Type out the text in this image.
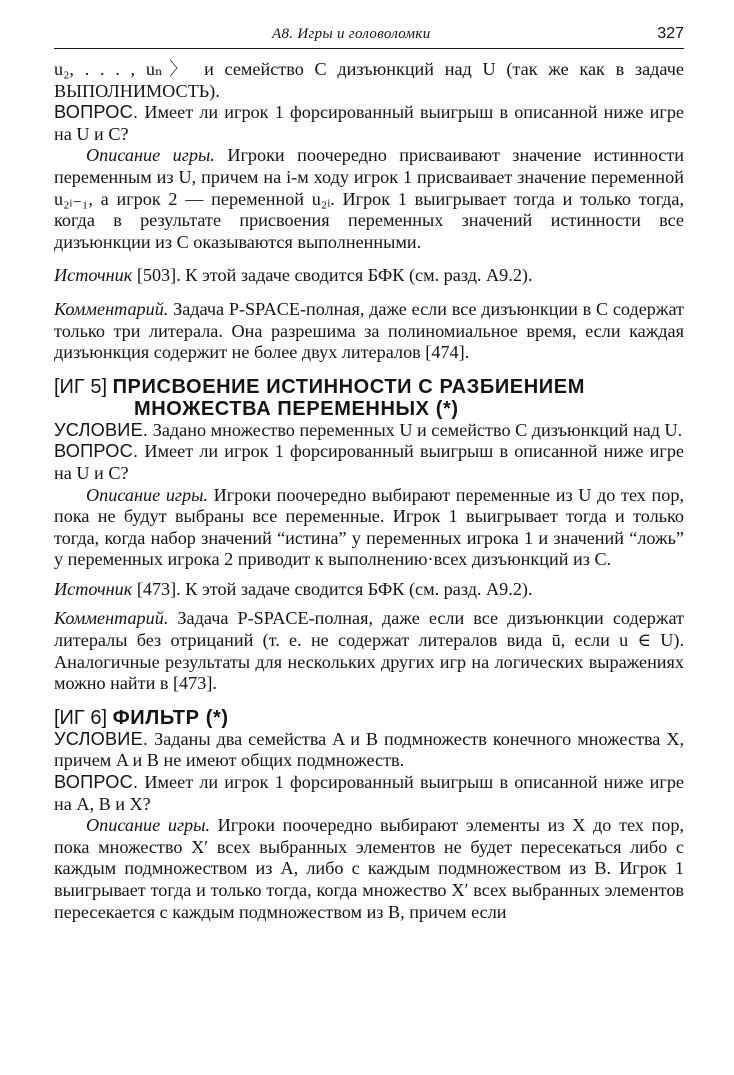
А8. Игры и головоломки	327

u₂, . . . , uₙ〉 и семейство C дизъюнкций над U (так же как в задаче ВЫПОЛНИМОСТЬ).

ВОПРОС. Имеет ли игрок 1 форсированный выигрыш в описанной ниже игре на U и C?

Описание игры. Игроки поочередно присваивают значение истинности переменным из U, причем на i-м ходу игрок 1 присваивает значение переменной u₂ᵢ₋₁, а игрок 2 — переменной u₂ᵢ. Игрок 1 выигрывает тогда и только тогда, когда в результате присвоения переменных значений истинности все дизъюнкции из C оказываются выполненными.

Источник [503]. К этой задаче сводится БФК (см. разд. А9.2).

Комментарий. Задача P-SPACE-полная, даже если все дизъюнкции в C содержат только три литерала. Она разрешима за полиномиальное время, если каждая дизъюнкция содержит не более двух литералов [474].

[ИГ 5] ПРИСВОЕНИЕ ИСТИННОСТИ С РАЗБИЕНИЕМ
МНОЖЕСТВА ПЕРЕМЕННЫХ (*)

УСЛОВИЕ. Задано множество переменных U и семейство C дизъюнкций над U.

ВОПРОС. Имеет ли игрок 1 форсированный выигрыш в описанной ниже игре на U и C?

Описание игры. Игроки поочередно выбирают переменные из U до тех пор, пока не будут выбраны все переменные. Игрок 1 выигрывает тогда и только тогда, когда набор значений “истина” у переменных игрока 1 и значений “ложь” у переменных игрока 2 приводит к выполнению·всех дизъюнкций из C.

Источник [473]. К этой задаче сводится БФК (см. разд. А9.2).

Комментарий. Задача P-SPACE-полная, даже если все дизъюнкции содержат литералы без отрицаний (т. е. не содержат литералов вида ū, если u ∈ U). Аналогичные результаты для нескольких других игр на логических выражениях можно найти в [473].

[ИГ 6] ФИЛЬТР (*)

УСЛОВИЕ. Заданы два семейства A и B подмножеств конечного множества X, причем A и B не имеют общих подмножеств.

ВОПРОС. Имеет ли игрок 1 форсированный выигрыш в описанной ниже игре на A, B и X?

Описание игры. Игроки поочередно выбирают элементы из X до тех пор, пока множество X′ всех выбранных элементов не будет пересекаться либо с каждым подмножеством из A, либо с каждым подмножеством из B. Игрок 1 выигрывает тогда и только тогда, когда множество X′ всех выбранных элементов пересекается с каждым подмножеством из B, причем если
